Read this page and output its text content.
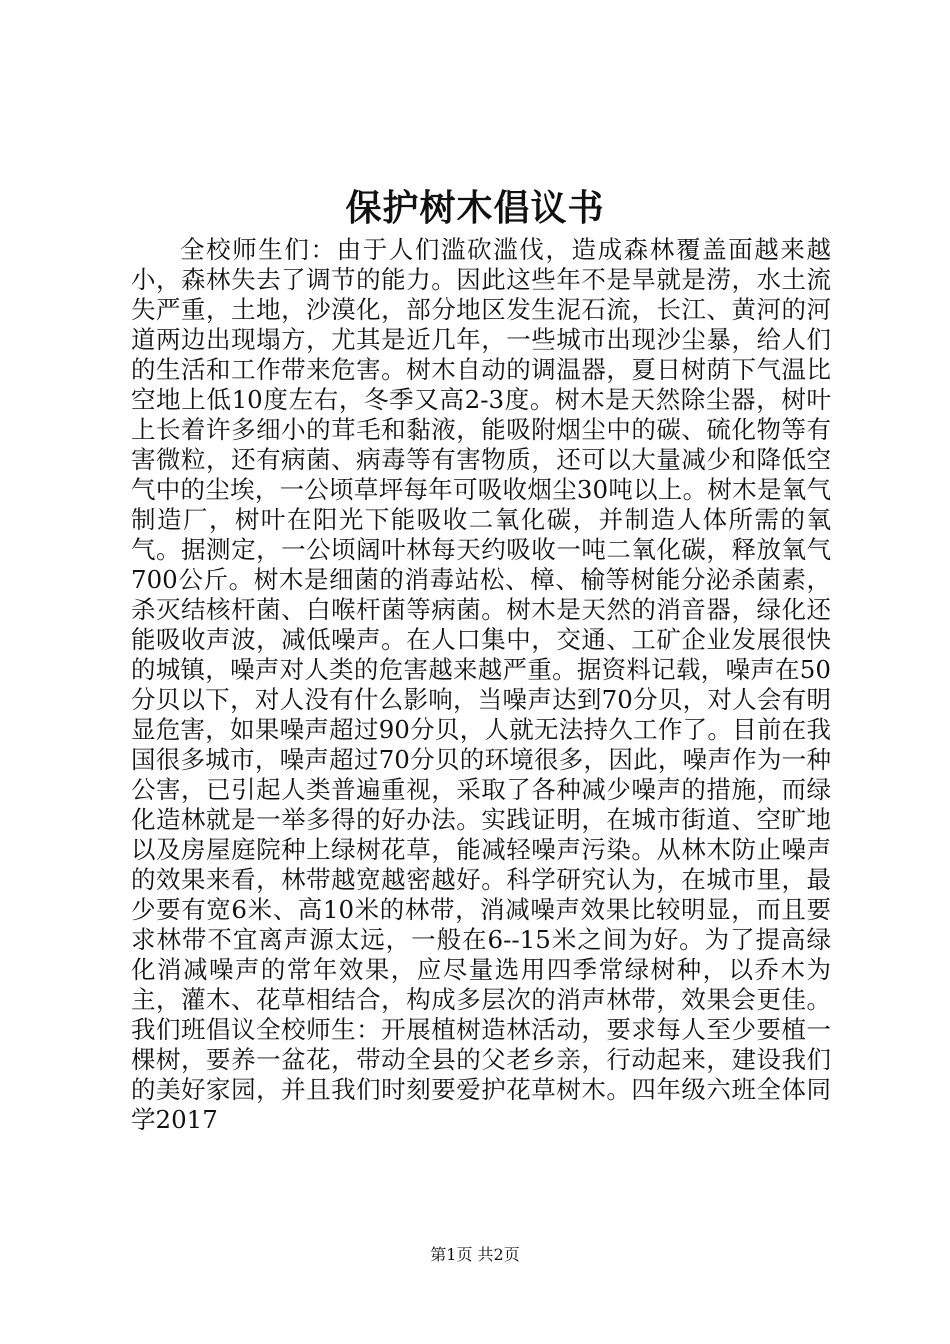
保护树木倡议书

全校师生们：由于人们滥砍滥伐，造成森林覆盖面越来越小，森林失去了调节的能力。因此这些年不是旱就是涝，水土流失严重，土地，沙漠化，部分地区发生泥石流，长江、黄河的河道两边出现塌方，尤其是近几年，一些城市出现沙尘暴，给人们的生活和工作带来危害。树木自动的调温器，夏日树荫下气温比空地上低10度左右，冬季又高2-3度。树木是天然除尘器，树叶上长着许多细小的茸毛和黏液，能吸附烟尘中的碳、硫化物等有害微粒，还有病菌、病毒等有害物质，还可以大量减少和降低空气中的尘埃，一公顷草坪每年可吸收烟尘30吨以上。树木是氧气制造厂，树叶在阳光下能吸收二氧化碳，并制造人体所需的氧气。据测定，一公顷阔叶林每天约吸收一吨二氧化碳，释放氧气700公斤。树木是细菌的消毒站松、樟、榆等树能分泌杀菌素，杀灭结核杆菌、白喉杆菌等病菌。树木是天然的消音器，绿化还能吸收声波，减低噪声。在人口集中，交通、工矿企业发展很快的城镇，噪声对人类的危害越来越严重。据资料记载，噪声在50分贝以下，对人没有什么影响，当噪声达到70分贝，对人会有明显危害，如果噪声超过90分贝，人就无法持久工作了。目前在我国很多城市，噪声超过70分贝的环境很多，因此，噪声作为一种公害，已引起人类普遍重视，采取了各种减少噪声的措施，而绿化造林就是一举多得的好办法。实践证明，在城市街道、空旷地以及房屋庭院种上绿树花草，能减轻噪声污染。从林木防止噪声的效果来看，林带越宽越密越好。科学研究认为，在城市里，最少要有宽6米、高10米的林带，消减噪声效果比较明显，而且要求林带不宜离声源太远，一般在6--15米之间为好。为了提高绿化消减噪声的常年效果，应尽量选用四季常绿树种，以乔木为主，灌木、花草相结合，构成多层次的消声林带，效果会更佳。我们班倡议全校师生：开展植树造林活动，要求每人至少要植一棵树，要养一盆花，带动全县的父老乡亲，行动起来，建设我们的美好家园，并且我们时刻要爱护花草树木。四年级六班全体同学2017

第1页 共2页
